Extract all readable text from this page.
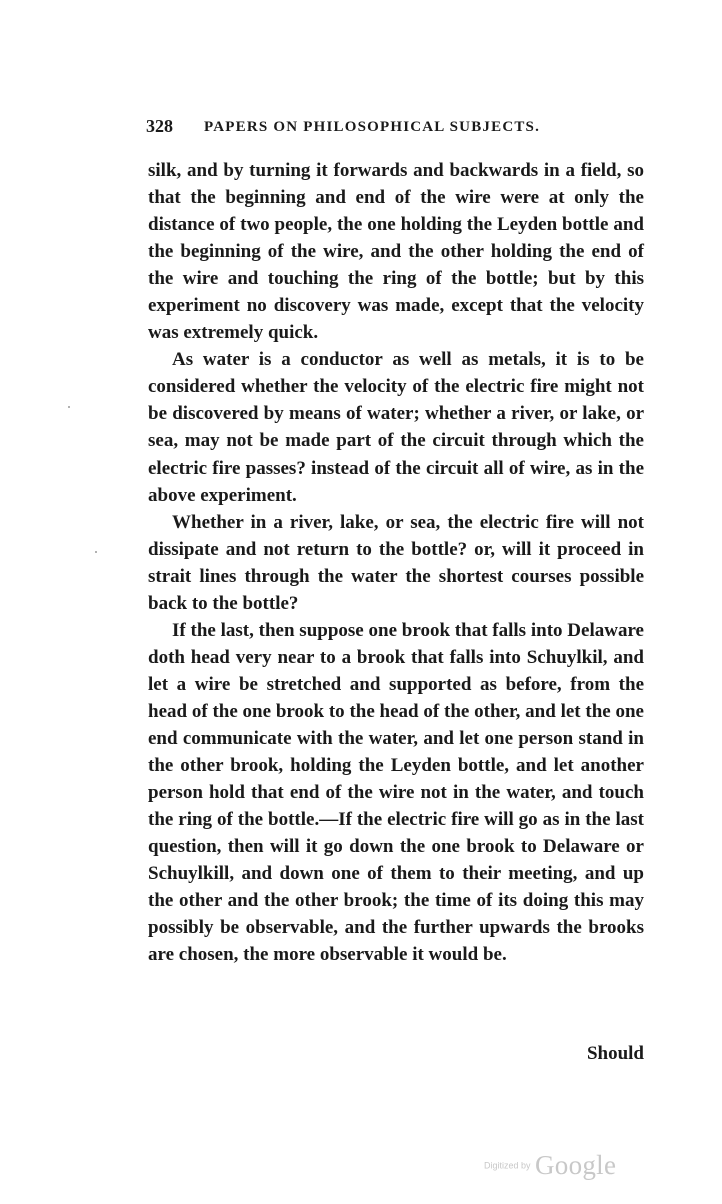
328 PAPERS ON PHILOSOPHICAL SUBJECTS.

silk, and by turning it forwards and backwards in a field, so that the beginning and end of the wire were at only the distance of two people, the one holding the Leyden bottle and the beginning of the wire, and the other holding the end of the wire and touching the ring of the bottle; but by this experiment no discovery was made, except that the velocity was extremely quick.

As water is a conductor as well as metals, it is to be considered whether the velocity of the electric fire might not be discovered by means of water; whether a river, or lake, or sea, may not be made part of the circuit through which the electric fire passes? instead of the circuit all of wire, as in the above experiment.

Whether in a river, lake, or sea, the electric fire will not dissipate and not return to the bottle? or, will it proceed in strait lines through the water the shortest courses possible back to the bottle?

If the last, then suppose one brook that falls into Delaware doth head very near to a brook that falls into Schuylkil, and let a wire be stretched and supported as before, from the head of the one brook to the head of the other, and let the one end communicate with the water, and let one person stand in the other brook, holding the Leyden bottle, and let another person hold that end of the wire not in the water, and touch the ring of the bottle.—If the electric fire will go as in the last question, then will it go down the one brook to Delaware or Schuylkill, and down one of them to their meeting, and up the other and the other brook; the time of its doing this may possibly be observable, and the further upwards the brooks are chosen, the more observable it would be.

Should
Digitized by Google
